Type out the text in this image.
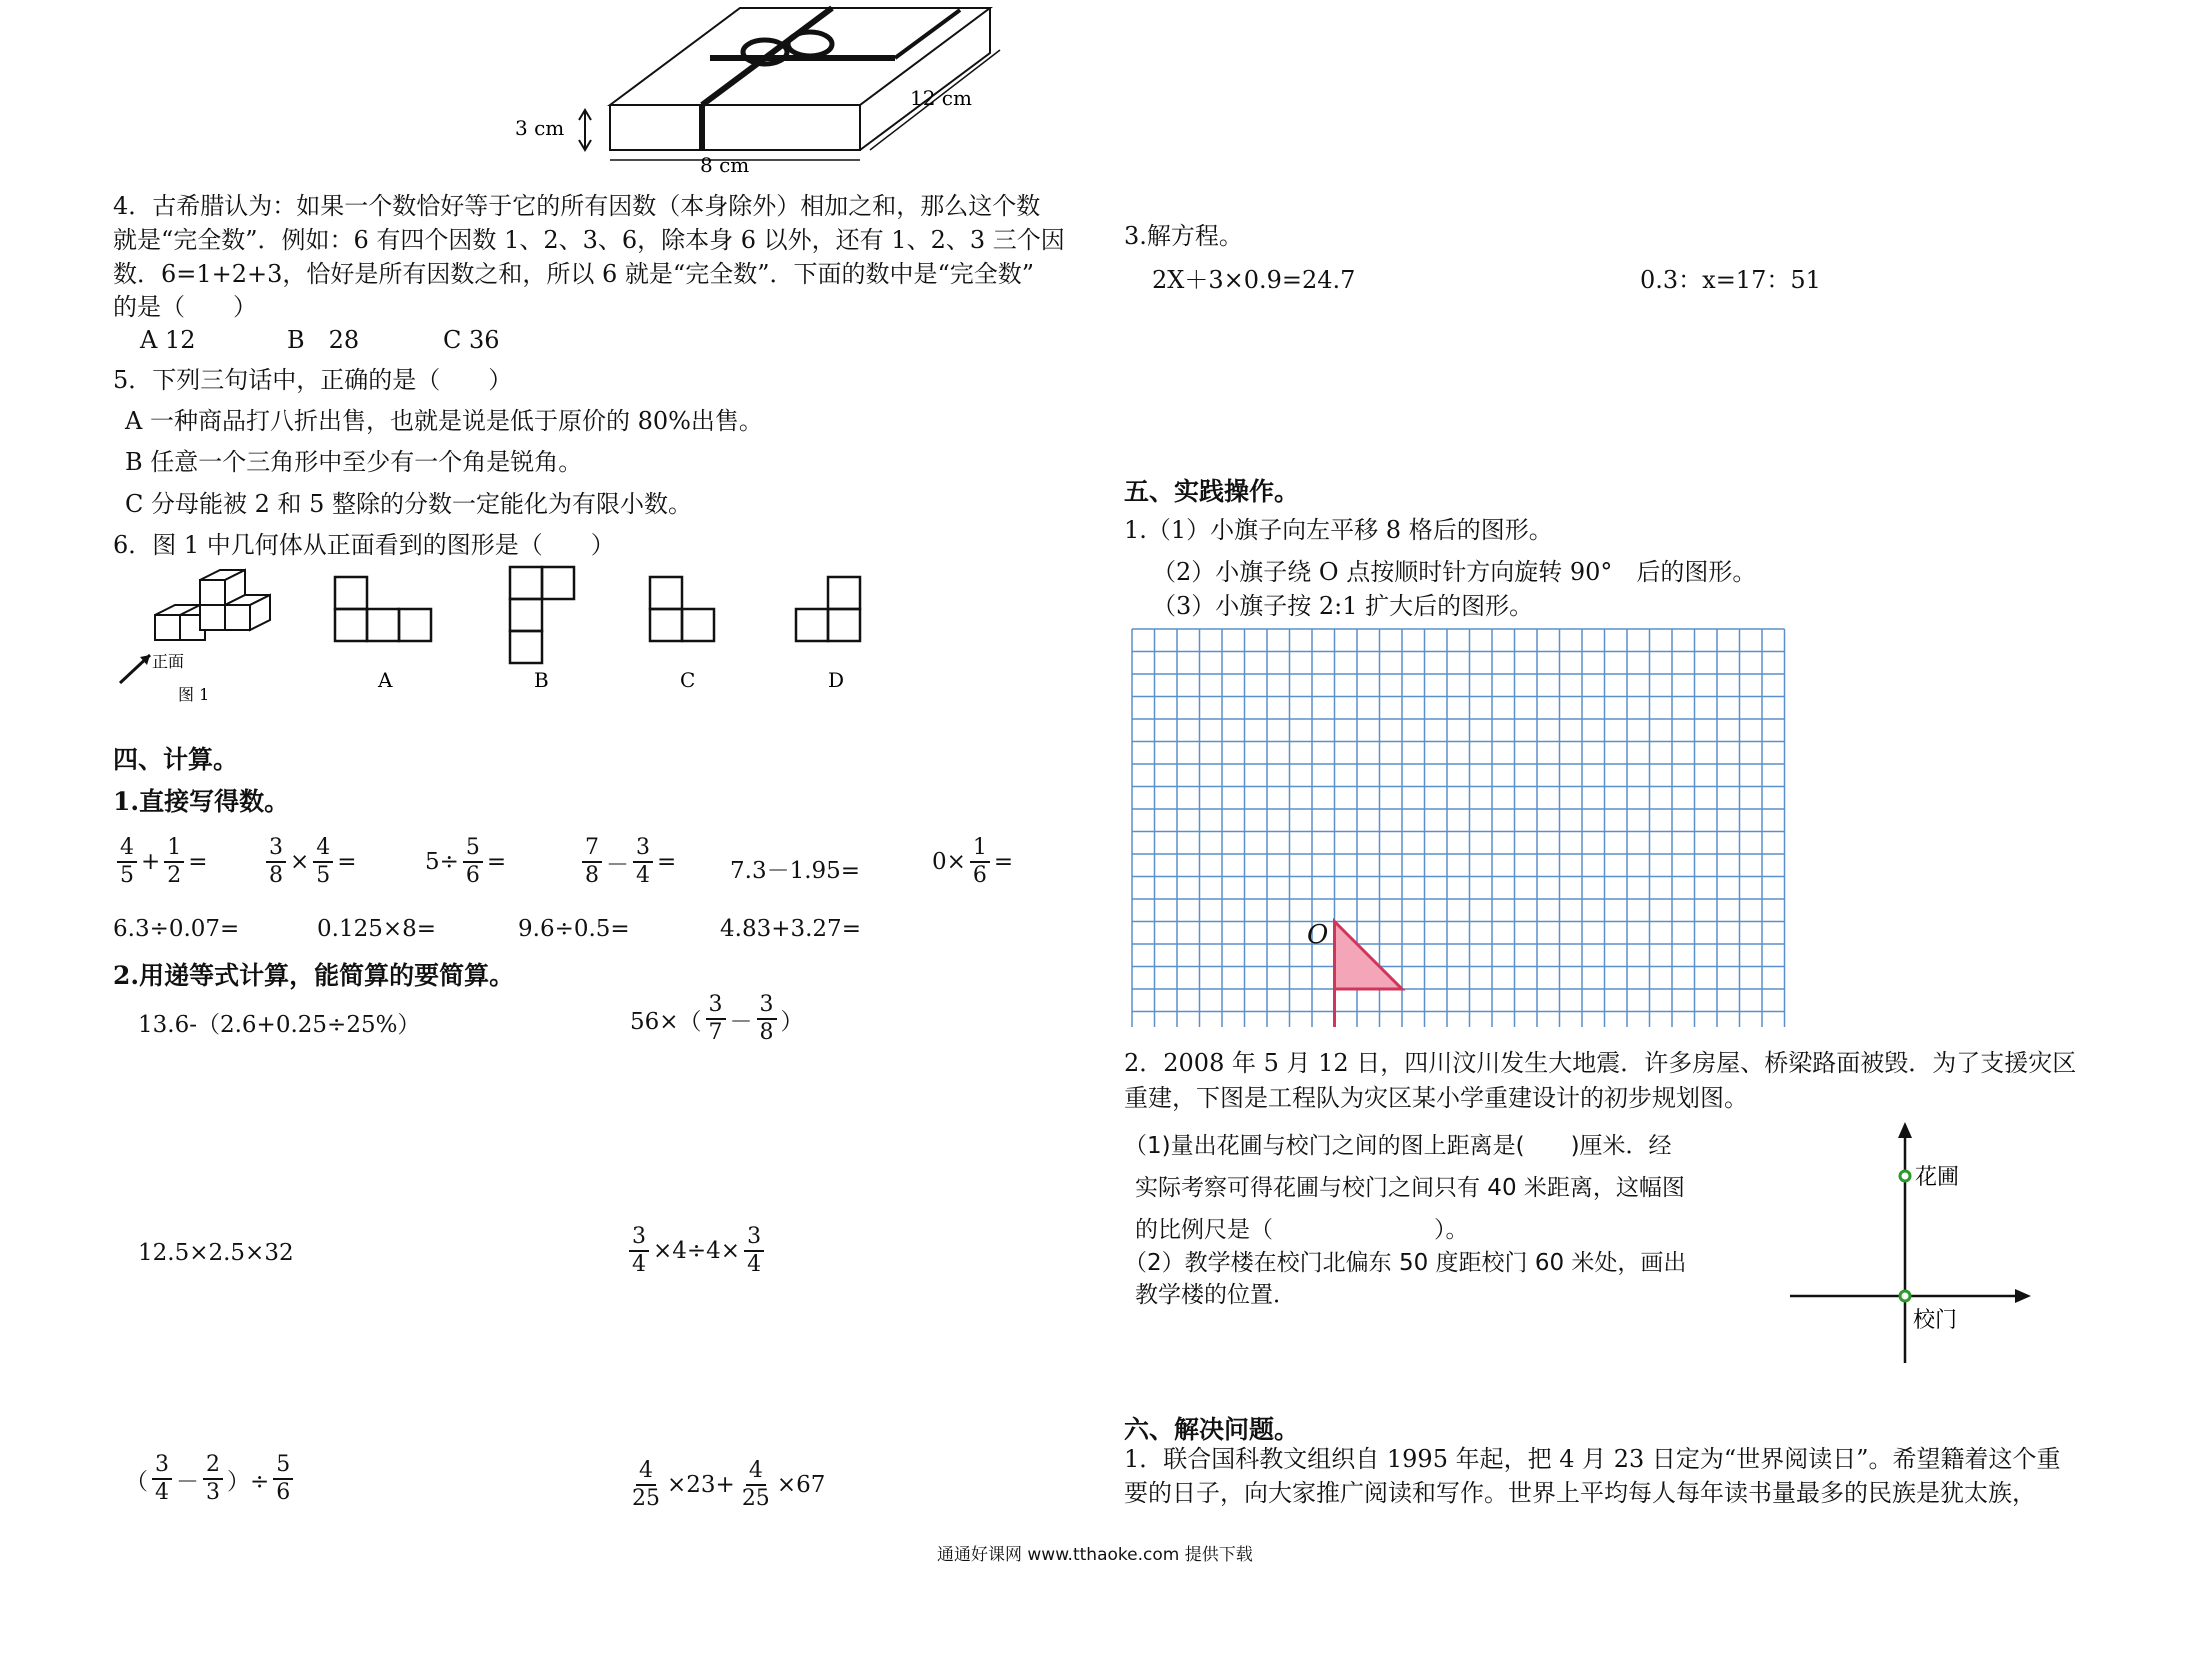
3 cm
8 cm
12 cm
4．古希腊认为：如果一个数恰好等于它的所有因数（本身除外）相加之和，那么这个数
就是“完全数”．例如：6 有四个因数 1、2、3、6，除本身 6 以外，还有 1、2、3 三个因
数．6=1+2+3，恰好是所有因数之和，所以 6 就是“完全数”．下面的数中是“完全数”
的是（　　）
A 12	B　28	C 36
5．下列三句话中，正确的是（　　）
A 一种商品打八折出售，也就是说是低于原价的 80%出售。
B 任意一个三角形中至少有一个角是锐角。
C 分母能被 2 和 5 整除的分数一定能化为有限小数。
6．图 1 中几何体从正面看到的图形是（　　）
正面
图 1
A	B	C	D
四、计算。
1.直接写得数。
$\frac{4}{5} + \frac{1}{2}$ =	$\frac{3}{8} \times \frac{4}{5}$ =	$5\div \frac{5}{6}$ =	$\frac{7}{8} - \frac{3}{4} = 7.3-1.95=$	$0\times \frac{1}{6}$ =
6.3÷0.07=	0.125×8=	9.6÷0.5=	4.83+3.27=
2.用递等式计算，能简算的要简算。
13.6-（2.6+0.25÷25%）	$56\times( \frac{3}{7} - \frac{3}{8}$ ）
12.5×2.5×32	$\frac{3}{4} \times 4\div 4\times \frac{3}{4}$
（ $\frac{3}{4} - \frac{2}{3}$ ）÷ $\frac{5}{6}$	$\frac{4}{25} \times 23+ \frac{4}{25} \times 67$
3.解方程。
2X＋3×0.9=24.7	0.3：x=17：51
五、实践操作。
1.（1）小旗子向左平移 8 格后的图形。
（2）小旗子绕 O 点按顺时针方向旋转 90°　后的图形。
（3）小旗子按 2:1 扩大后的图形。
O
2．2008 年 5 月 12 日，四川汶川发生大地震．许多房屋、桥梁路面被毁．为了支援灾区
重建，下图是工程队为灾区某小学重建设计的初步规划图。
（1)量出花圃与校门之间的图上距离是(　　)厘米．经
实际考察可得花圃与校门之间只有 40 米距离，这幅图
的比例尺是（　　　　　　　）。
（2）教学楼在校门北偏东 50 度距校门 60 米处，画出
教学楼的位置．
花圃
校门
六、解决问题。
1．联合国科教文组织自 1995 年起，把 4 月 23 日定为“世界阅读日”。希望籍着这个重
要的日子，向大家推广阅读和写作。世界上平均每人每年读书量最多的民族是犹太族，
通通好课网 www.tthaoke.com 提供下载
